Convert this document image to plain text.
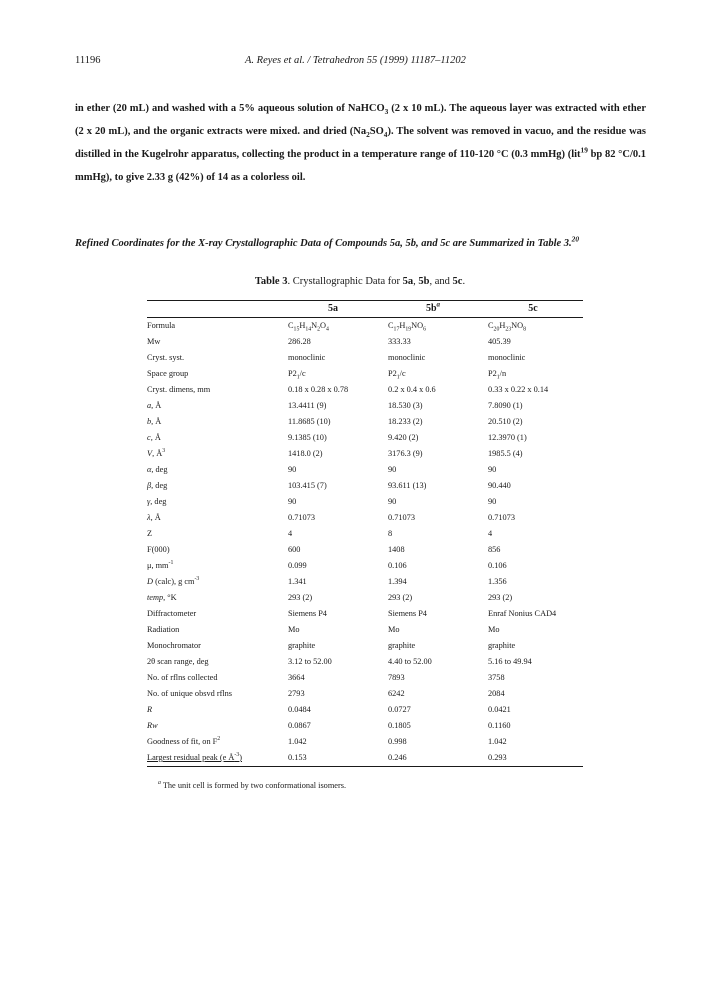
11196	A. Reyes et al. / Tetrahedron 55 (1999) 11187–11202

in ether (20 mL) and washed with a 5% aqueous solution of NaHCO$_3$ (2 x 10 mL). The aqueous layer was extracted with ether (2 x 20 mL), and the organic extracts were mixed. and dried $(Na_2SO_4)$. The solvent was removed in vacuo, and the residue was distilled in the Kugelrohr apparatus, collecting the product in a temperature range of 110-120 °C (0.3 mmHg) (lit$^{19}$ bp 82 °C/0.1 mmHg), to give 2.33 g (42%) of 14 as a colorless oil.

Refined Coordinates for the X-ray Crystallographic Data of Compounds 5a, 5b, and 5c are Summarized in Table 3.20

Table 3. Crystallographic Data for 5a, 5b, and 5c.
	5a	$5b^a$	5c
Formula	$C_{15}H_{14}N_2O_4$	$C_{17}H_{19}NO_6$	$C_{20}H_{23}NO_8$
Mw	286.28	333.33	405.39
Cryst. syst.	monoclinic	monoclinic	monoclinic
Space group	$P2_1/c$	$P2_1/c$	$P2_1/n$
Cryst. dimens, mm	0.18 x 0.28 x 0.78	0.2 x 0.4 x 0.6	0.33 x 0.22 x 0.14
a, Å	13.4411 (9)	18.530 (3)	7.8090 (1)
b, Å	11.8685 (10)	18.233 (2)	20.510 (2)
c, Å	9.1385 (10)	9.420 (2)	12.3970 (1)
V, $Å^3$	1418.0 (2)	3176.3 (9)	1985.5 (4)
α, deg	90	90	90
β, deg	103.415 (7)	93.611 (13)	90.440
γ, deg	90	90	90
λ, Å	0.71073	0.71073	0.71073
Z	4	8	4
F(000)	600	1408	856
μ, $mm^{-1}$	0.099	0.106	0.106
D (calc), g $cm^{-3}$	1.341	1.394	1.356
temp, °K	293 (2)	293 (2)	293 (2)
Diffractometer	Siemens P4	Siemens P4	Enraf Nonius CAD4
Radiation	Mo	Mo	Mo
Monochromator	graphite	graphite	graphite
2θ scan range, deg	3.12 to 52.00	4.40 to 52.00	5.16 to 49.94
No. of rflns collected	3664	7893	3758
No. of unique obsvd rflns	2793	6242	2084
R	0.0484	0.0727	0.0421
Rw	0.0867	0.1805	0.1160
Goodness of fit, on $F^2$	1.042	0.998	1.042
Largest residual peak (e $Å^{-3}$)	0.153	0.246	0.293
$^a$ The unit cell is formed by two conformational isomers.
